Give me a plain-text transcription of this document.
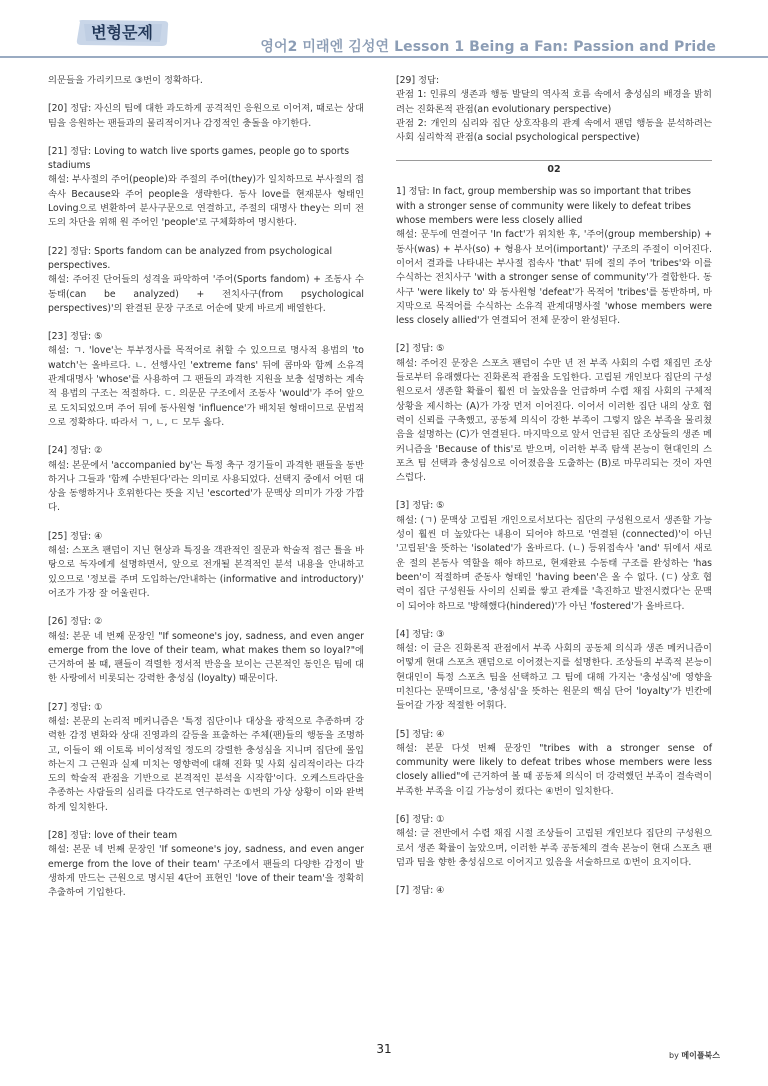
변형문제
영어2 미래엔 김성연 Lesson 1 Being a Fan: Passion and Pride

의문들을 가리키므로 ③번이 정확하다.

[20] 정답: 자신의 팀에 대한 과도하게 공격적인 응원으로 이어져, 때로는 상대 팀을 응원하는 팬들과의 물리적이거나 감정적인 충돌을 야기한다.

[21] 정답: Loving to watch live sports games, people go to sports stadiums

해설: 부사절의 주어(people)와 주절의 주어(they)가 일치하므로 부사절의 접속사 Because와 주어 people을 생략한다. 동사 love를 현재분사 형태인 Loving으로 변환하여 분사구문으로 연결하고, 주절의 대명사 they는 의미 전도의 차단을 위해 원 주어인 'people'로 구체화하여 명시한다.

[22] 정답: Sports fandom can be analyzed from psychological perspectives.

해설: 주어진 단어들의 성격을 파악하여 '주어(Sports fandom) + 조동사 수동태(can be analyzed) + 전치사구(from psychological perspectives)'의 완결된 문장 구조로 어순에 맞게 바르게 배열한다.

[23] 정답: ⑤

해설: ㄱ. 'love'는 투부정사를 목적어로 취할 수 있으므로 명사적 용법의 'to watch'는 올바르다. ㄴ. 선행사인 'extreme fans' 뒤에 콤마와 함께 소유격 관계대명사 'whose'를 사용하여 그 팬들의 과격한 지원을 보충 설명하는 계속적 용법의 구조는 적절하다. ㄷ. 의문문 구조에서 조동사 'would'가 주어 앞으로 도치되었으며 주어 뒤에 동사원형 'influence'가 배치된 형태이므로 문법적으로 정확하다. 따라서 ㄱ, ㄴ, ㄷ 모두 옳다.

[24] 정답: ②

해설: 본문에서 'accompanied by'는 특정 축구 경기들이 과격한 팬들을 동반하거나 그들과 '함께 수반된다'라는 의미로 사용되었다. 선택지 중에서 어떤 대상을 동행하거나 호위한다는 뜻을 지닌 'escorted'가 문맥상 의미가 가장 가깝다.

[25] 정답: ④

해설: 스포츠 팬덤이 지닌 현상과 특징을 객관적인 질문과 학술적 접근 틀을 바탕으로 독자에게 설명하면서, 앞으로 전개될 본격적인 분석 내용을 안내하고 있으므로 '정보를 주며 도입하는/안내하는 (informative and introductory)' 어조가 가장 잘 어울린다.

[26] 정답: ②

해설: 본문 네 번째 문장인 "If someone's joy, sadness, and even anger emerge from the love of their team, what makes them so loyal?"에 근거하여 볼 때, 팬들이 격렬한 정서적 반응을 보이는 근본적인 동인은 팀에 대한 사랑에서 비롯되는 강력한 충성심 (loyalty) 때문이다.

[27] 정답: ①

해설: 본문의 논리적 메커니즘은 '특정 집단이나 대상을 광적으로 추종하며 강력한 감정 변화와 상대 진영과의 갈등을 표출하는 주체(팬)들의 행동을 조명하고, 이들이 왜 이토록 비이성적일 정도의 강렬한 충성심을 지니며 집단에 몰입하는지 그 근원과 실제 미치는 영향력에 대해 진화 및 사회 심리적이라는 다각도의 학술적 관점을 기반으로 본격적인 분석을 시작함'이다. 오케스트라단을 추종하는 사람들의 심리를 다각도로 연구하려는 ①번의 가상 상황이 이와 완벽하게 일치한다.

[28] 정답: love of their team

해설: 본문 네 번째 문장인 'If someone's joy, sadness, and even anger emerge from the love of their team' 구조에서 팬들의 다양한 감정이 발생하게 만드는 근원으로 명시된 4단어 표현인 'love of their team'을 정확히 추출하여 기입한다.

[29] 정답:

관점 1: 인류의 생존과 행동 발달의 역사적 흐름 속에서 충성심의 배경을 밝히려는 진화론적 관점(an evolutionary perspective)
관점 2: 개인의 심리와 집단 상호작용의 관계 속에서 팬덤 행동을 분석하려는 사회 심리학적 관점(a social psychological perspective)

02

1] 정답: In fact, group membership was so important that tribes with a stronger sense of community were likely to defeat tribes whose members were less closely allied

해설: 문두에 연결어구 'In fact'가 위치한 후, '주어(group membership) + 동사(was) + 부사(so) + 형용사 보어(important)' 구조의 주절이 이어진다. 이어서 결과를 나타내는 부사절 접속사 'that' 뒤에 절의 주어 'tribes'와 이를 수식하는 전치사구 'with a stronger sense of community'가 결합한다. 동사구 'were likely to' 와 동사원형 'defeat'가 목적어 'tribes'를 동반하며, 마지막으로 목적어를 수식하는 소유격 관계대명사절 'whose members were less closely allied'가 연결되어 전체 문장이 완성된다.

[2] 정답: ⑤

해설: 주어진 문장은 스포츠 팬덤이 수만 년 전 부족 사회의 수렵 채집민 조상들로부터 유래했다는 진화론적 관점을 도입한다. 고립된 개인보다 집단의 구성원으로서 생존할 확률이 훨씬 더 높았음을 언급하며 수렵 채집 사회의 구체적 상황을 제시하는 (A)가 가장 먼저 이어진다. 이어서 이러한 집단 내의 상호 협력이 신뢰를 구축했고, 공동체 의식이 강한 부족이 그렇지 않은 부족을 물리쳤음을 설명하는 (C)가 연결된다. 마지막으로 앞서 언급된 집단 조상들의 생존 메커니즘을 'Because of this'로 받으며, 이러한 부족 탐색 본능이 현대인의 스포츠 팀 선택과 충성심으로 이어졌음을 도출하는 (B)로 마무리되는 것이 자연스럽다.

[3] 정답: ⑤

해설: (ㄱ) 문맥상 고립된 개인으로서보다는 집단의 구성원으로서 생존할 가능성이 훨씬 더 높았다는 내용이 되어야 하므로 '연결된 (connected)'이 아닌 '고립된'을 뜻하는 'isolated'가 올바르다. (ㄴ) 등위접속사 'and' 뒤에서 새로운 절의 본동사 역할을 해야 하므로, 현재완료 수동태 구조를 완성하는 'has been'이 적절하며 준동사 형태인 'having been'은 올 수 없다. (ㄷ) 상호 협력이 집단 구성원들 사이의 신뢰를 쌓고 관계를 '촉진하고 발전시켰다'는 문맥이 되어야 하므로 '방해했다(hindered)'가 아닌 'fostered'가 올바르다.

[4] 정답: ③

해설: 이 글은 진화론적 관점에서 부족 사회의 공동체 의식과 생존 메커니즘이 어떻게 현대 스포츠 팬덤으로 이어졌는지를 설명한다. 조상들의 부족적 본능이 현대인이 특정 스포츠 팀을 선택하고 그 팀에 대해 가지는 '충성심'에 영향을 미친다는 문맥이므로, '충성심'을 뜻하는 원문의 핵심 단어 'loyalty'가 빈칸에 들어갈 가장 적절한 어휘다.

[5] 정답: ④

해설: 본문 다섯 번째 문장인 "tribes with a stronger sense of community were likely to defeat tribes whose members were less closely allied"에 근거하여 볼 때 공동체 의식이 더 강력했던 부족이 결속력이 부족한 부족을 이길 가능성이 컸다는 ④번이 일치한다.

[6] 정답: ①

해설: 글 전반에서 수렵 채집 시절 조상들이 고립된 개인보다 집단의 구성원으로서 생존 확률이 높았으며, 이러한 부족 공동체의 결속 본능이 현대 스포츠 팬덤과 팀을 향한 충성심으로 이어지고 있음을 서술하므로 ①번이 요지이다.

[7] 정답: ④

31	by 메이플북스
